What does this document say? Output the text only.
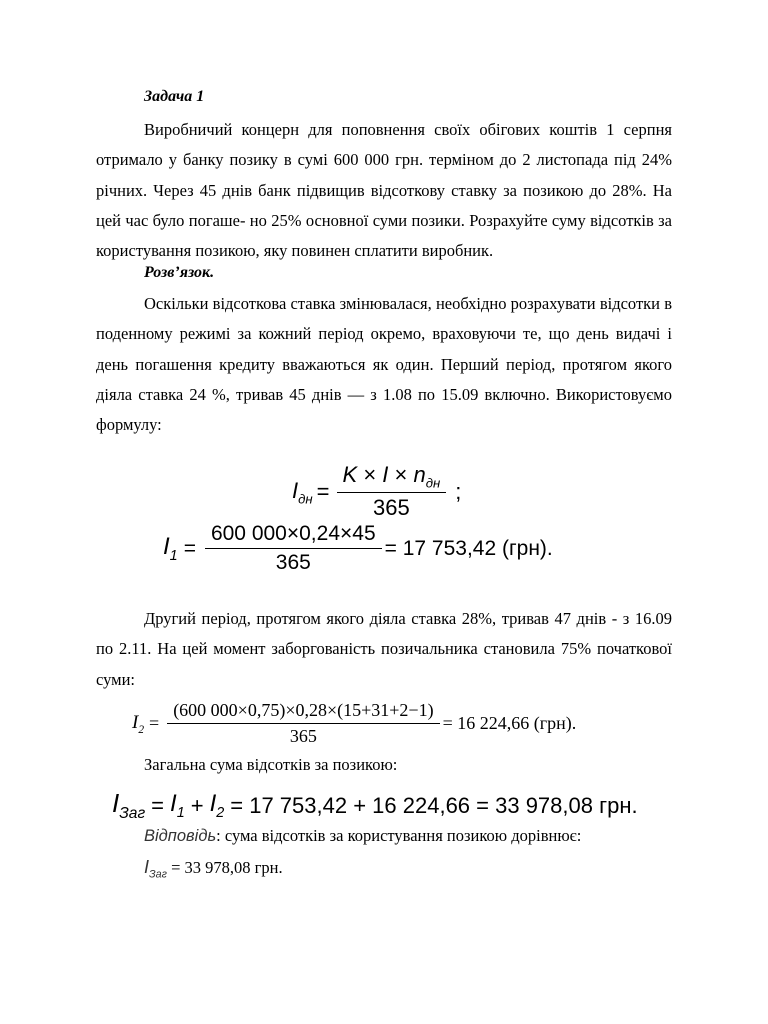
Задача 1
Виробничий концерн для поповнення своїх обігових коштів 1 серпня отримало у банку позику в сумі 600 000 грн. терміном до 2 листопада під 24% річних. Через 45 днів банк підвищив відсоткову ставку за позикою до 28%. На цей час було погаше- но 25% основної суми позики. Розрахуйте суму відсотків за користування позикою, яку повинен сплатити виробник.
Розв’язок.
Оскільки відсоткова ставка змінювалася, необхідно розрахувати відсотки в поденному режимі за кожний період окремо, враховуючи те, що день видачі і день погашення кредиту вважаються як один. Перший період, протягом якого діяла ставка 24 %, тривав 45 днів — з 1.08 по 15.09 включно. Використовуємо формулу:
$I_{дн} = \frac{K \times I \times n_{дн}}{365}$ ;
$I_1 = \frac{600 000\times 0,24\times 45}{365} = 17$ 753,42 (грн).
Другий період, протягом якого діяла ставка 28%, тривав 47 днів - з 16.09 по 2.11. На цей момент заборгованість позичальника становила 75% початкової суми:
$I_2 = \frac{(600 000\times 0,75)\times 0,28\times(15+31+2-1)}{365} = 16$ 224,66 (грн).
Загальна сума відсотків за позикою:
$I_{Заг} = I_1 + I_2 = 17$ 753,42 + 16 224,66 = 33 978,08 грн.
Відповідь: сума відсотків за користування позикою дорівнює:
$I_{Заг} = 33$ 978,08 грн.
